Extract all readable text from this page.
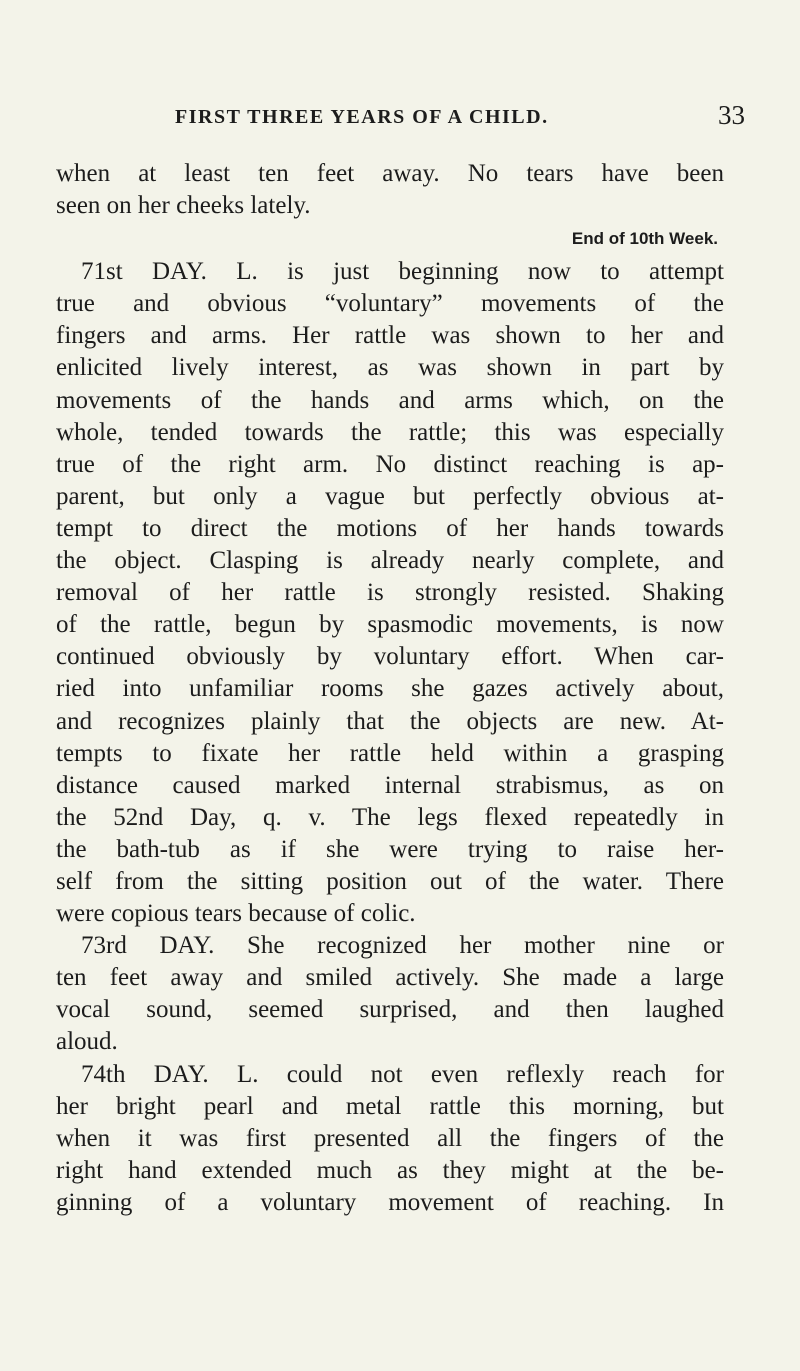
FIRST THREE YEARS OF A CHILD.	33
when at least ten feet away. No tears have been
seen on her cheeks lately.
End of 10th Week.
71st DAY. L. is just beginning now to attempt
true and obvious “voluntary” movements of the
fingers and arms. Her rattle was shown to her and
enlicited lively interest, as was shown in part by
movements of the hands and arms which, on the
whole, tended towards the rattle; this was especially
true of the right arm. No distinct reaching is ap-
parent, but only a vague but perfectly obvious at-
tempt to direct the motions of her hands towards
the object. Clasping is already nearly complete, and
removal of her rattle is strongly resisted. Shaking
of the rattle, begun by spasmodic movements, is now
continued obviously by voluntary effort. When car-
ried into unfamiliar rooms she gazes actively about,
and recognizes plainly that the objects are new. At-
tempts to fixate her rattle held within a grasping
distance caused marked internal strabismus, as on
the 52nd Day, q. v. The legs flexed repeatedly in
the bath-tub as if she were trying to raise her-
self from the sitting position out of the water. There
were copious tears because of colic.
73rd DAY. She recognized her mother nine or
ten feet away and smiled actively. She made a large
vocal sound, seemed surprised, and then laughed
aloud.
74th DAY. L. could not even reflexly reach for
her bright pearl and metal rattle this morning, but
when it was first presented all the fingers of the
right hand extended much as they might at the be-
ginning of a voluntary movement of reaching. In
